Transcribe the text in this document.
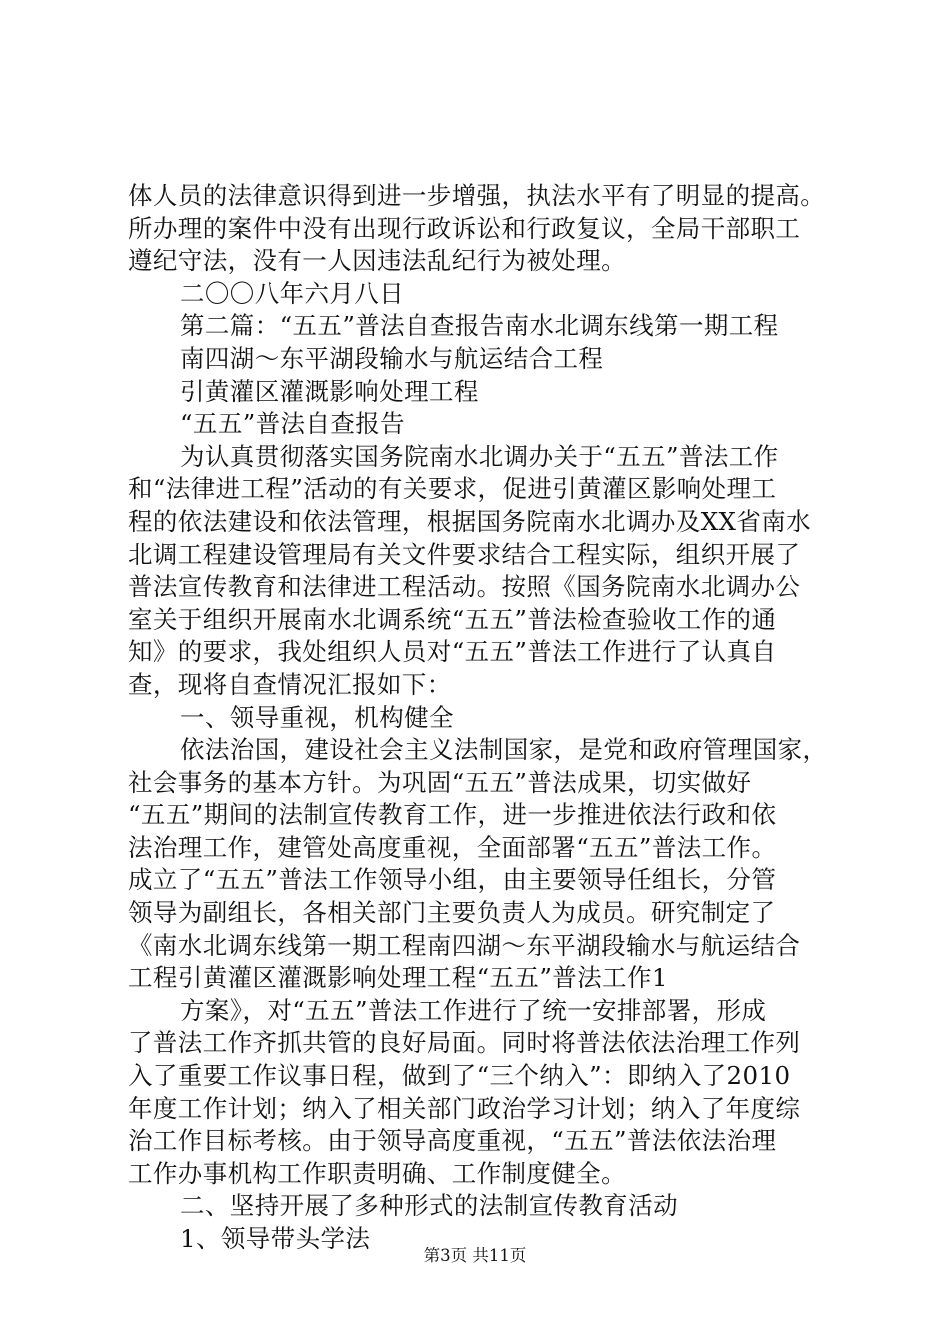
体人员的法律意识得到进一步增强，执法水平有了明显的提高。
所办理的案件中没有出现行政诉讼和行政复议，全局干部职工
遵纪守法，没有一人因违法乱纪行为被处理。
二〇〇八年六月八日
第二篇：“五五”普法自查报告南水北调东线第一期工程
南四湖～东平湖段输水与航运结合工程
引黄灌区灌溉影响处理工程
“五五”普法自查报告
为认真贯彻落实国务院南水北调办关于“五五”普法工作
和“法律进工程”活动的有关要求，促进引黄灌区影响处理工
程的依法建设和依法管理，根据国务院南水北调办及XX省南水
北调工程建设管理局有关文件要求结合工程实际，组织开展了
普法宣传教育和法律进工程活动。按照《国务院南水北调办公
室关于组织开展南水北调系统“五五”普法检查验收工作的通
知》的要求，我处组织人员对“五五”普法工作进行了认真自
查，现将自查情况汇报如下：
一、领导重视，机构健全
依法治国，建设社会主义法制国家，是党和政府管理国家，
社会事务的基本方针。为巩固“五五”普法成果，切实做好
“五五”期间的法制宣传教育工作，进一步推进依法行政和依
法治理工作，建管处高度重视，全面部署“五五”普法工作。
成立了“五五”普法工作领导小组，由主要领导任组长，分管
领导为副组长，各相关部门主要负责人为成员。研究制定了
《南水北调东线第一期工程南四湖～东平湖段输水与航运结合
工程引黄灌区灌溉影响处理工程“五五”普法工作1
方案》，对“五五”普法工作进行了统一安排部署，形成
了普法工作齐抓共管的良好局面。同时将普法依法治理工作列
入了重要工作议事日程，做到了“三个纳入”：即纳入了2010
年度工作计划；纳入了相关部门政治学习计划；纳入了年度综
治工作目标考核。由于领导高度重视，“五五”普法依法治理
工作办事机构工作职责明确、工作制度健全。
二、坚持开展了多种形式的法制宣传教育活动
1、领导带头学法
第3页 共11页
